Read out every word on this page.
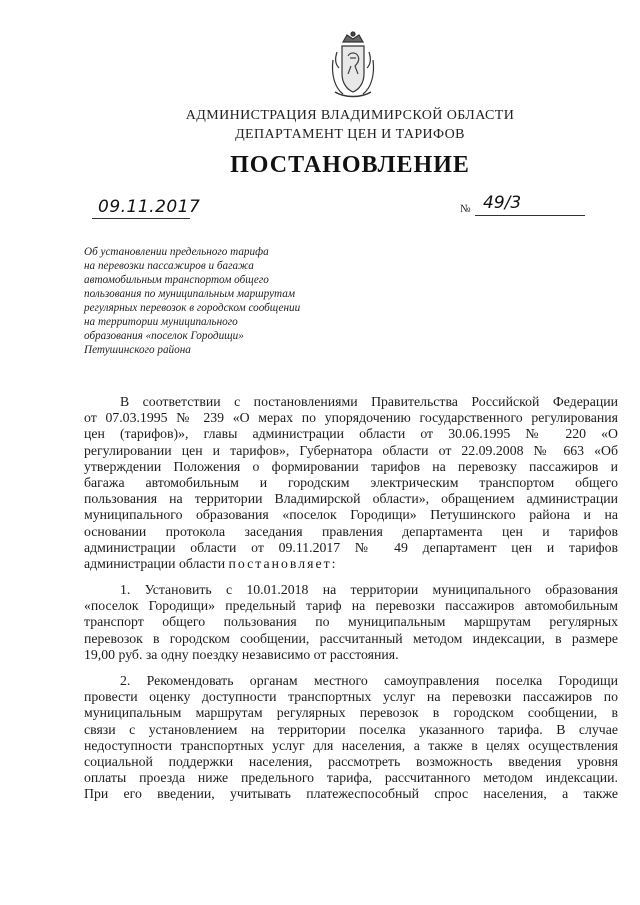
АДМИНИСТРАЦИЯ ВЛАДИМИРСКОЙ ОБЛАСТИ
ДЕПАРТАМЕНТ ЦЕН И ТАРИФОВ
ПОСТАНОВЛЕНИЕ
09.11.2017	№ 49/3
Об установлении предельного тарифа
на перевозки пассажиров и багажа
автомобильным транспортом общего
пользования по муниципальным маршрутам
регулярных перевозок в городском сообщении
на территории муниципального
образования «поселок Городищи»
Петушинского района
В соответствии с постановлениями Правительства Российской Федерации
от 07.03.1995 № 239 «О мерах по упорядочению государственного регулирования
цен (тарифов)», главы администрации области от 30.06.1995 № 220 «О
регулировании цен и тарифов», Губернатора области от 22.09.2008 № 663 «Об
утверждении Положения о формировании тарифов на перевозку пассажиров и
багажа автомобильным и городским электрическим транспортом общего
пользования на территории Владимирской области», обращением администрации
муниципального образования «поселок Городищи» Петушинского района и на
основании протокола заседания правления департамента цен и тарифов
администрации области от 09.11.2017 № 49 департамент цен и тарифов
администрации области постановляет:
1. Установить с 10.01.2018 на территории муниципального образования
«поселок Городищи» предельный тариф на перевозки пассажиров автомобильным
транспорт общего пользования по муниципальным маршрутам регулярных
перевозок в городском сообщении, рассчитанный методом индексации, в размере
19,00 руб. за одну поездку независимо от расстояния.
2. Рекомендовать органам местного самоуправления поселка Городищи
провести оценку доступности транспортных услуг на перевозки пассажиров по
муниципальным маршрутам регулярных перевозок в городском сообщении, в
связи с установлением на территории поселка указанного тарифа. В случае
недоступности транспортных услуг для населения, а также в целях осуществления
социальной поддержки населения, рассмотреть возможность введения уровня
оплаты проезда ниже предельного тарифа, рассчитанного методом индексации.
При его введении, учитывать платежеспособный спрос населения, а также
